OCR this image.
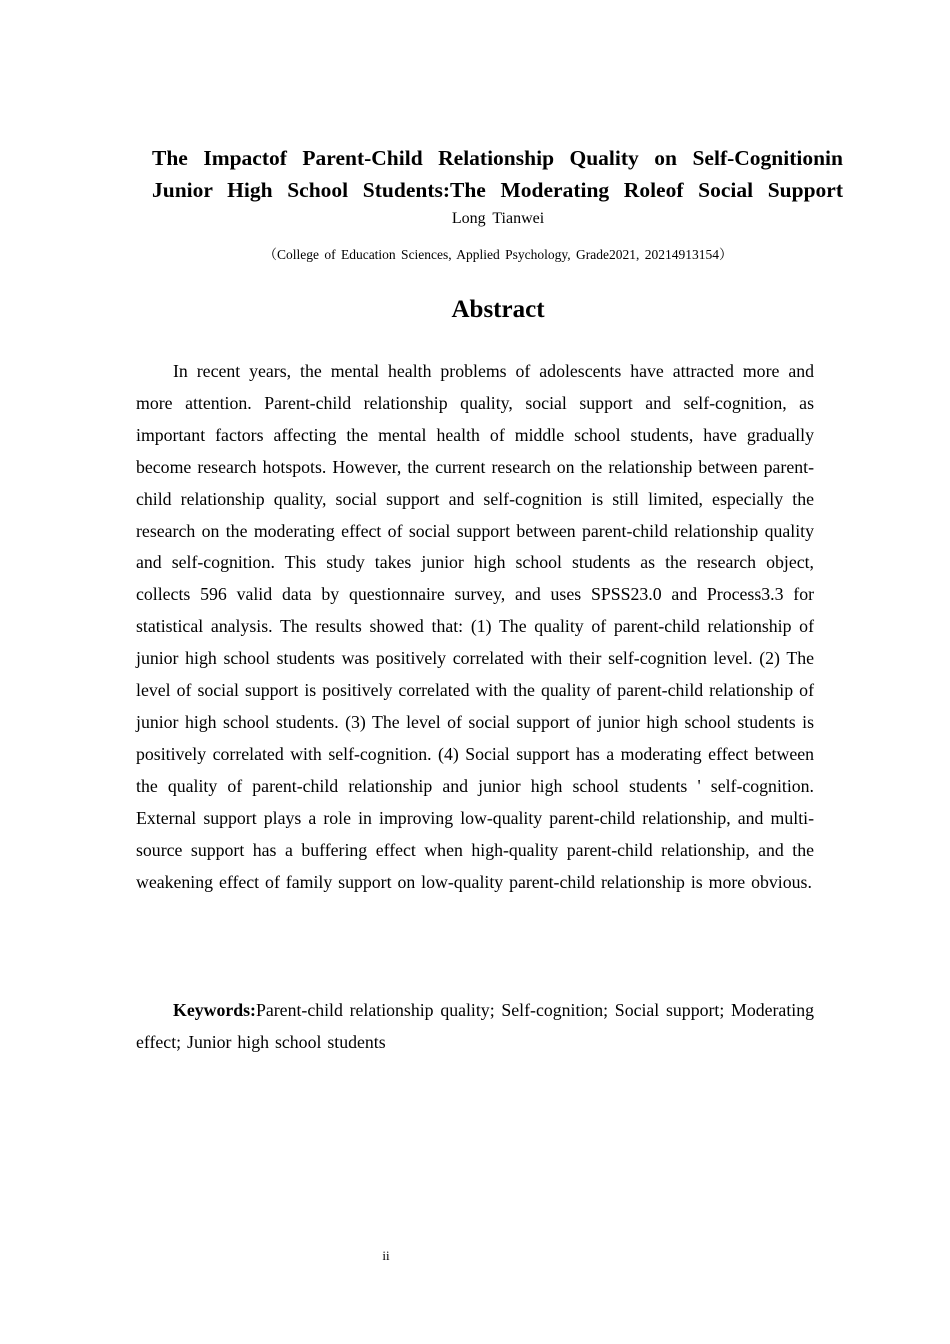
The Impactof Parent-Child Relationship Quality on Self-Cognitionin
Junior High School Students:The Moderating Roleof Social Support
Long Tianwei
（College of Education Sciences, Applied Psychology, Grade2021, 20214913154）
Abstract

In recent years, the mental health problems of adolescents have attracted more and more attention. Parent-child relationship quality, social support and self-cognition, as important factors affecting the mental health of middle school students, have gradually become research hotspots. However, the current research on the relationship between parent-child relationship quality, social support and self-cognition is still limited, especially the research on the moderating effect of social support between parent-child relationship quality and self-cognition. This study takes junior high school students as the research object, collects 596 valid data by questionnaire survey, and uses SPSS23.0 and Process3.3 for statistical analysis. The results showed that: (1) The quality of parent-child relationship of junior high school students was positively correlated with their self-cognition level. (2) The level of social support is positively correlated with the quality of parent-child relationship of junior high school students. (3) The level of social support of junior high school students is positively correlated with self-cognition. (4) Social support has a moderating effect between the quality of parent-child relationship and junior high school students ' self-cognition. External support plays a role in improving low-quality parent-child relationship, and multi-source support has a buffering effect when high-quality parent-child relationship, and the weakening effect of family support on low-quality parent-child relationship is more obvious.

Keywords:Parent-child relationship quality; Self-cognition; Social support; Moderating effect; Junior high school students

ii
